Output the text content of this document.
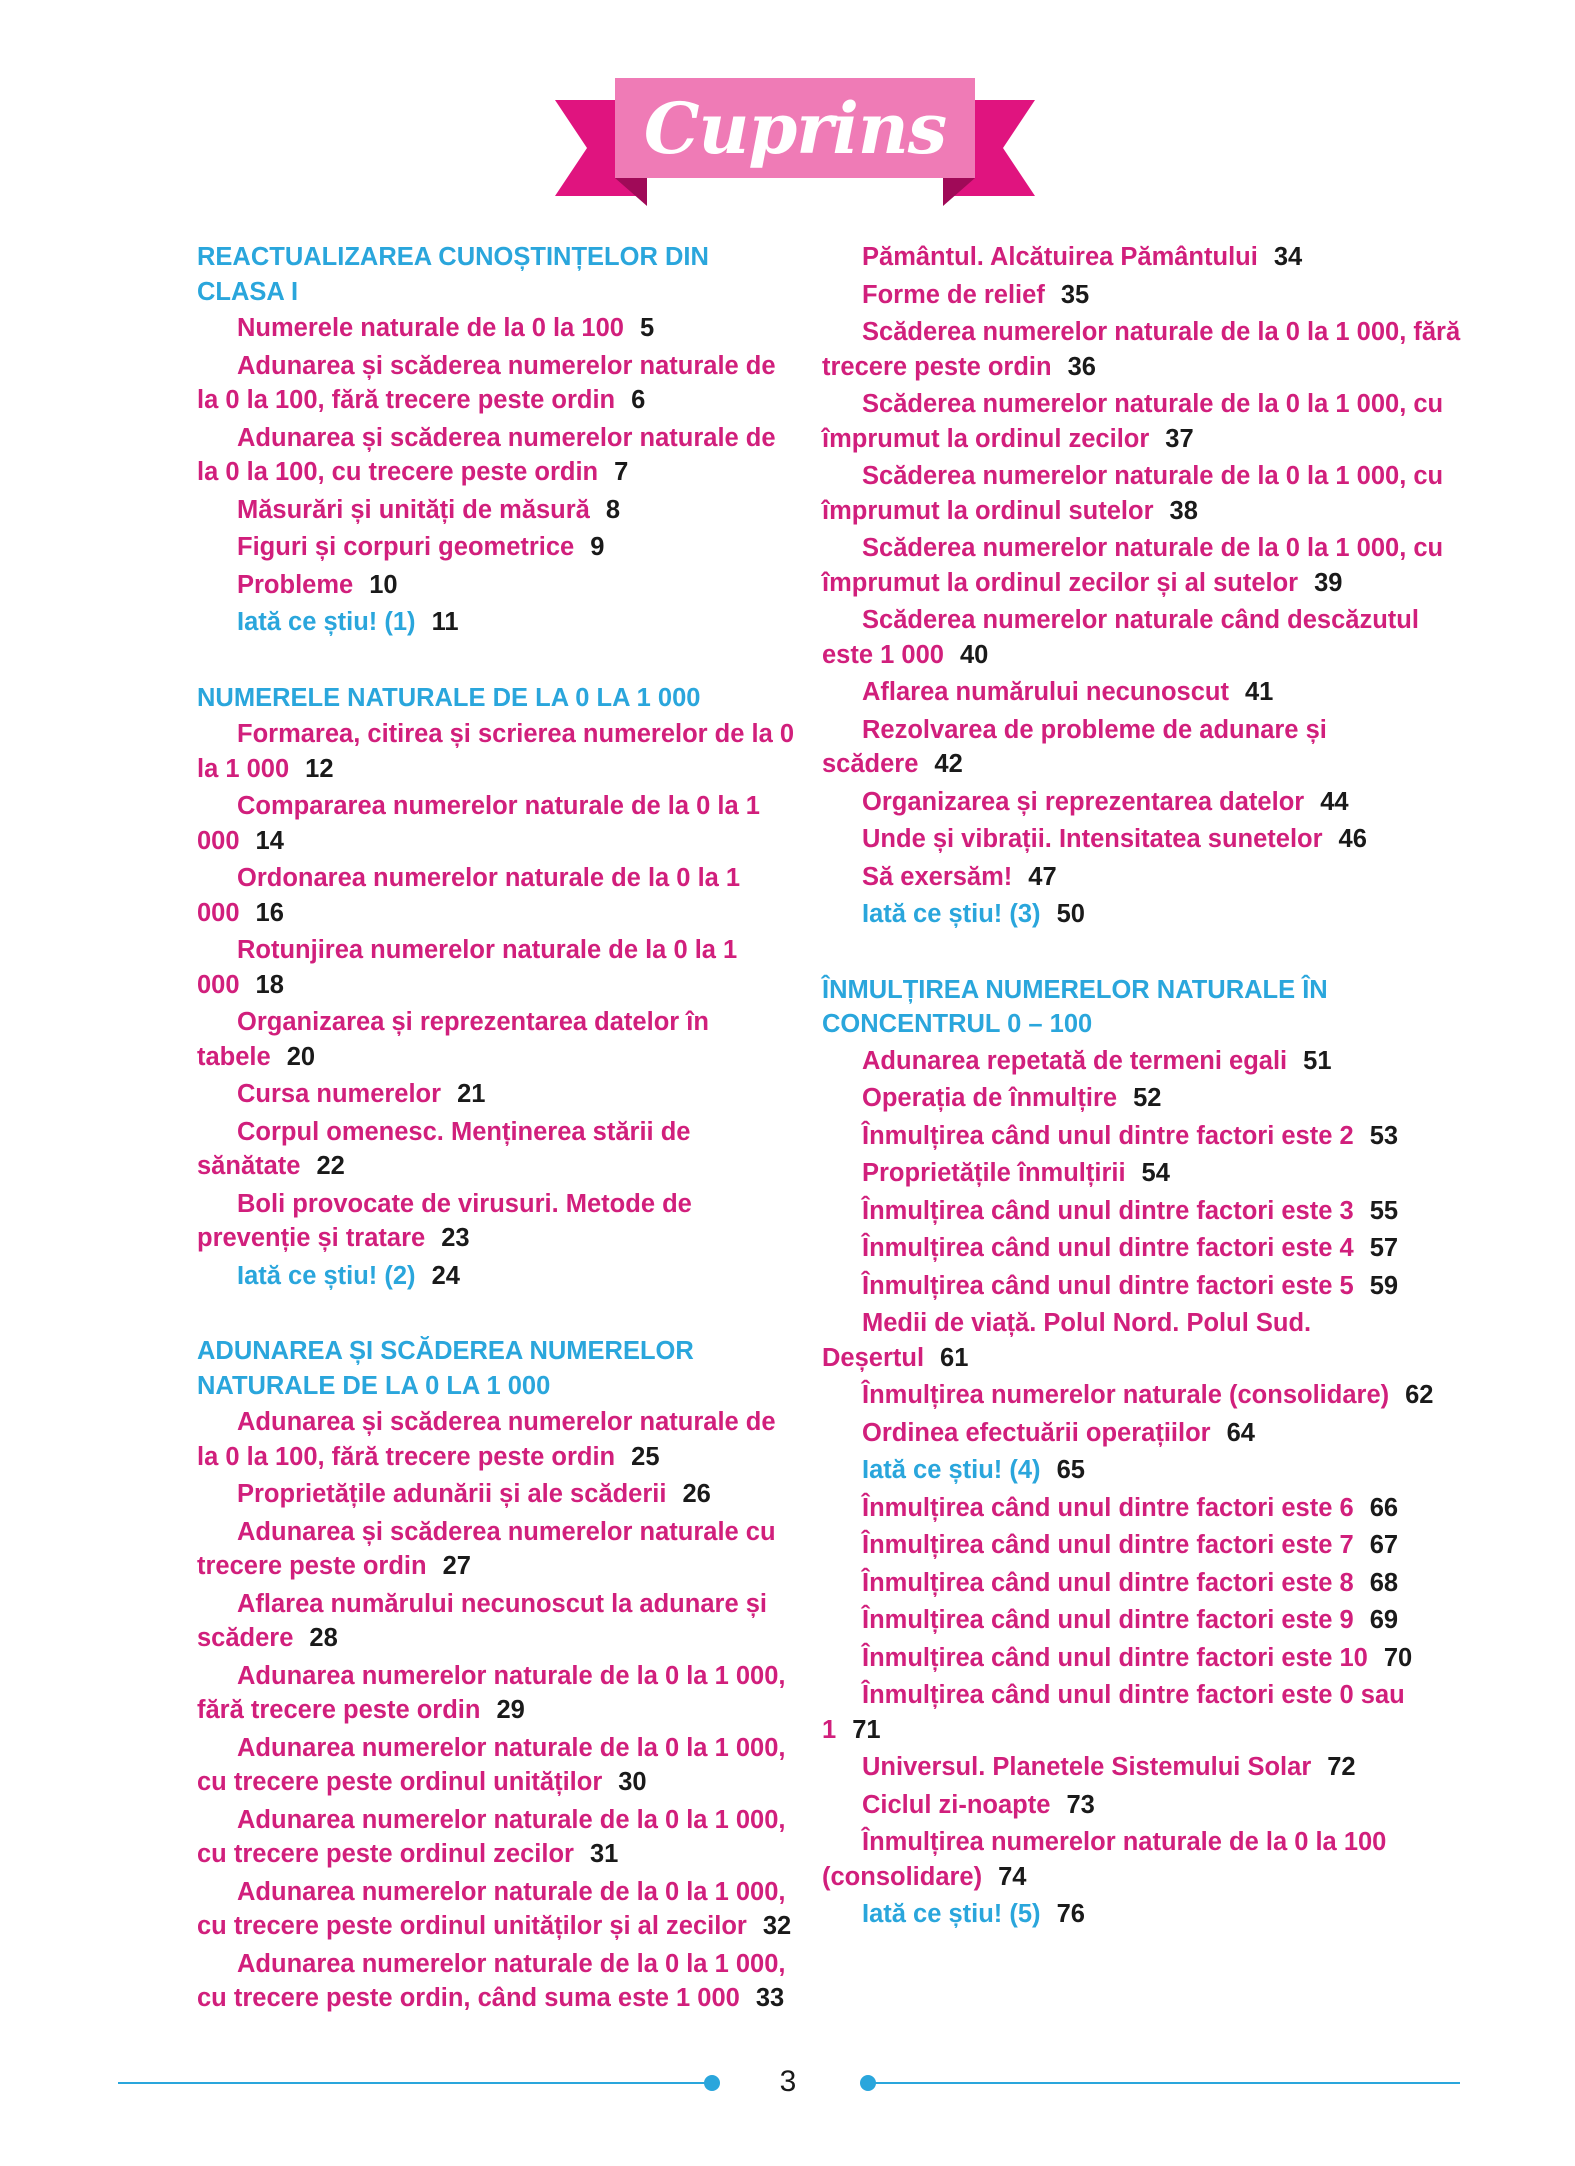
Cuprins
REACTUALIZAREA CUNOȘTINȚELOR DIN CLASA I
Numerele naturale de la 0 la 100 5
Adunarea și scăderea numerelor naturale de la 0 la 100, fără trecere peste ordin 6
Adunarea și scăderea numerelor naturale de la 0 la 100, cu trecere peste ordin 7
Măsurări și unități de măsură 8
Figuri și corpuri geometrice 9
Probleme 10
Iată ce știu! (1) 11
NUMERELE NATURALE DE LA 0 LA 1 000
Formarea, citirea și scrierea numerelor de la 0 la 1 000 12
Compararea numerelor naturale de la 0 la 1 000 14
Ordonarea numerelor naturale de la 0 la 1 000 16
Rotunjirea numerelor naturale de la 0 la 1 000 18
Organizarea și reprezentarea datelor în tabele 20
Cursa numerelor 21
Corpul omenesc. Menținerea stării de sănătate 22
Boli provocate de virusuri. Metode de prevenție și tratare 23
Iată ce știu! (2) 24
ADUNAREA ȘI SCĂDEREA NUMERELOR
NATURALE DE LA 0 LA 1 000
Adunarea și scăderea numerelor naturale de la 0 la 100, fără trecere peste ordin 25
Proprietățile adunării și ale scăderii 26
Adunarea și scăderea numerelor naturale cu trecere peste ordin 27
Aflarea numărului necunoscut la adunare și scădere 28
Adunarea numerelor naturale de la 0 la 1 000, fără trecere peste ordin 29
Adunarea numerelor naturale de la 0 la 1 000, cu trecere peste ordinul unităților 30
Adunarea numerelor naturale de la 0 la 1 000, cu trecere peste ordinul zecilor 31
Adunarea numerelor naturale de la 0 la 1 000, cu trecere peste ordinul unităților și al zecilor 32
Adunarea numerelor naturale de la 0 la 1 000, cu trecere peste ordin, când suma este 1 000 33
Pământul. Alcătuirea Pământului 34
Forme de relief 35
Scăderea numerelor naturale de la 0 la 1 000, fără trecere peste ordin 36
Scăderea numerelor naturale de la 0 la 1 000, cu împrumut la ordinul zecilor 37
Scăderea numerelor naturale de la 0 la 1 000, cu împrumut la ordinul sutelor 38
Scăderea numerelor naturale de la 0 la 1 000, cu împrumut la ordinul zecilor și al sutelor 39
Scăderea numerelor naturale când descăzutul este 1 000 40
Aflarea numărului necunoscut 41
Rezolvarea de probleme de adunare și scădere 42
Organizarea și reprezentarea datelor 44
Unde și vibrații. Intensitatea sunetelor 46
Să exersăm! 47
Iată ce știu! (3) 50
ÎNMULȚIREA NUMERELOR NATURALE ÎN
CONCENTRUL 0 – 100
Adunarea repetată de termeni egali 51
Operația de înmulțire 52
Înmulțirea când unul dintre factori este 2 53
Proprietățile înmulțirii 54
Înmulțirea când unul dintre factori este 3 55
Înmulțirea când unul dintre factori este 4 57
Înmulțirea când unul dintre factori este 5 59
Medii de viață. Polul Nord. Polul Sud. Deșertul 61
Înmulțirea numerelor naturale (consolidare) 62
Ordinea efectuării operațiilor 64
Iată ce știu! (4) 65
Înmulțirea când unul dintre factori este 6 66
Înmulțirea când unul dintre factori este 7 67
Înmulțirea când unul dintre factori este 8 68
Înmulțirea când unul dintre factori este 9 69
Înmulțirea când unul dintre factori este 10 70
Înmulțirea când unul dintre factori este 0 sau 1 71
Universul. Planetele Sistemului Solar 72
Ciclul zi-noapte 73
Înmulțirea numerelor naturale de la 0 la 100 (consolidare) 74
Iată ce știu! (5) 76
3
